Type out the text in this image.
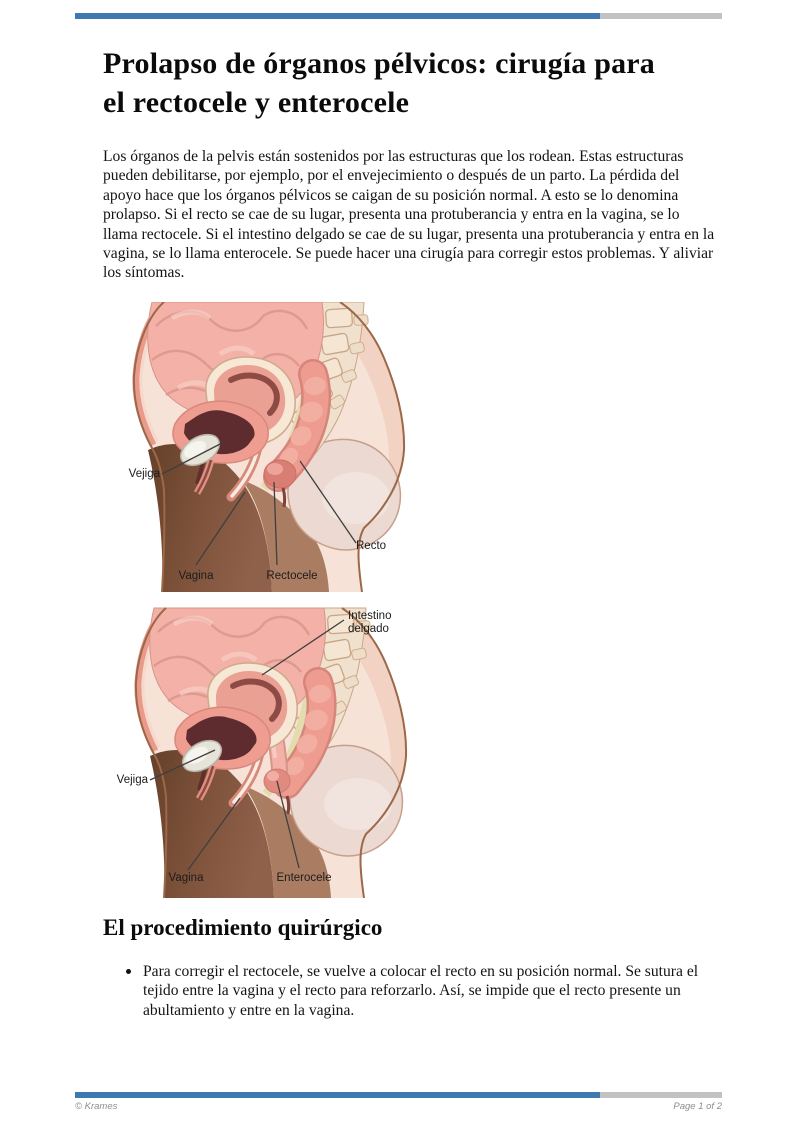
Prolapso de órganos pélvicos: cirugía para
el rectocele y enterocele

Los órganos de la pelvis están sostenidos por las estructuras que los rodean. Estas estructuras pueden debilitarse, por ejemplo, por el envejecimiento o después de un parto. La pérdida del apoyo hace que los órganos pélvicos se caigan de su posición normal. A esto se lo denomina prolapso. Si el recto se cae de su lugar, presenta una protuberancia y entra en la vagina, se lo llama rectocele. Si el intestino delgado se cae de su lugar, presenta una protuberancia y entra en la vagina, se lo llama enterocele. Se puede hacer una cirugía para corregir estos problemas. Y aliviar los síntomas.

Vejiga
Vagina	Rectocele
Recto
Intestino delgado
Vejiga
Vagina	Enterocele
El procedimiento quirúrgico
Para corregir el rectocele, se vuelve a colocar el recto en su posición normal. Se sutura el tejido entre la vagina y el recto para reforzarlo. Así, se impide que el recto presente un abultamiento y entre en la vagina.
© Krames	Page 1 of 2
